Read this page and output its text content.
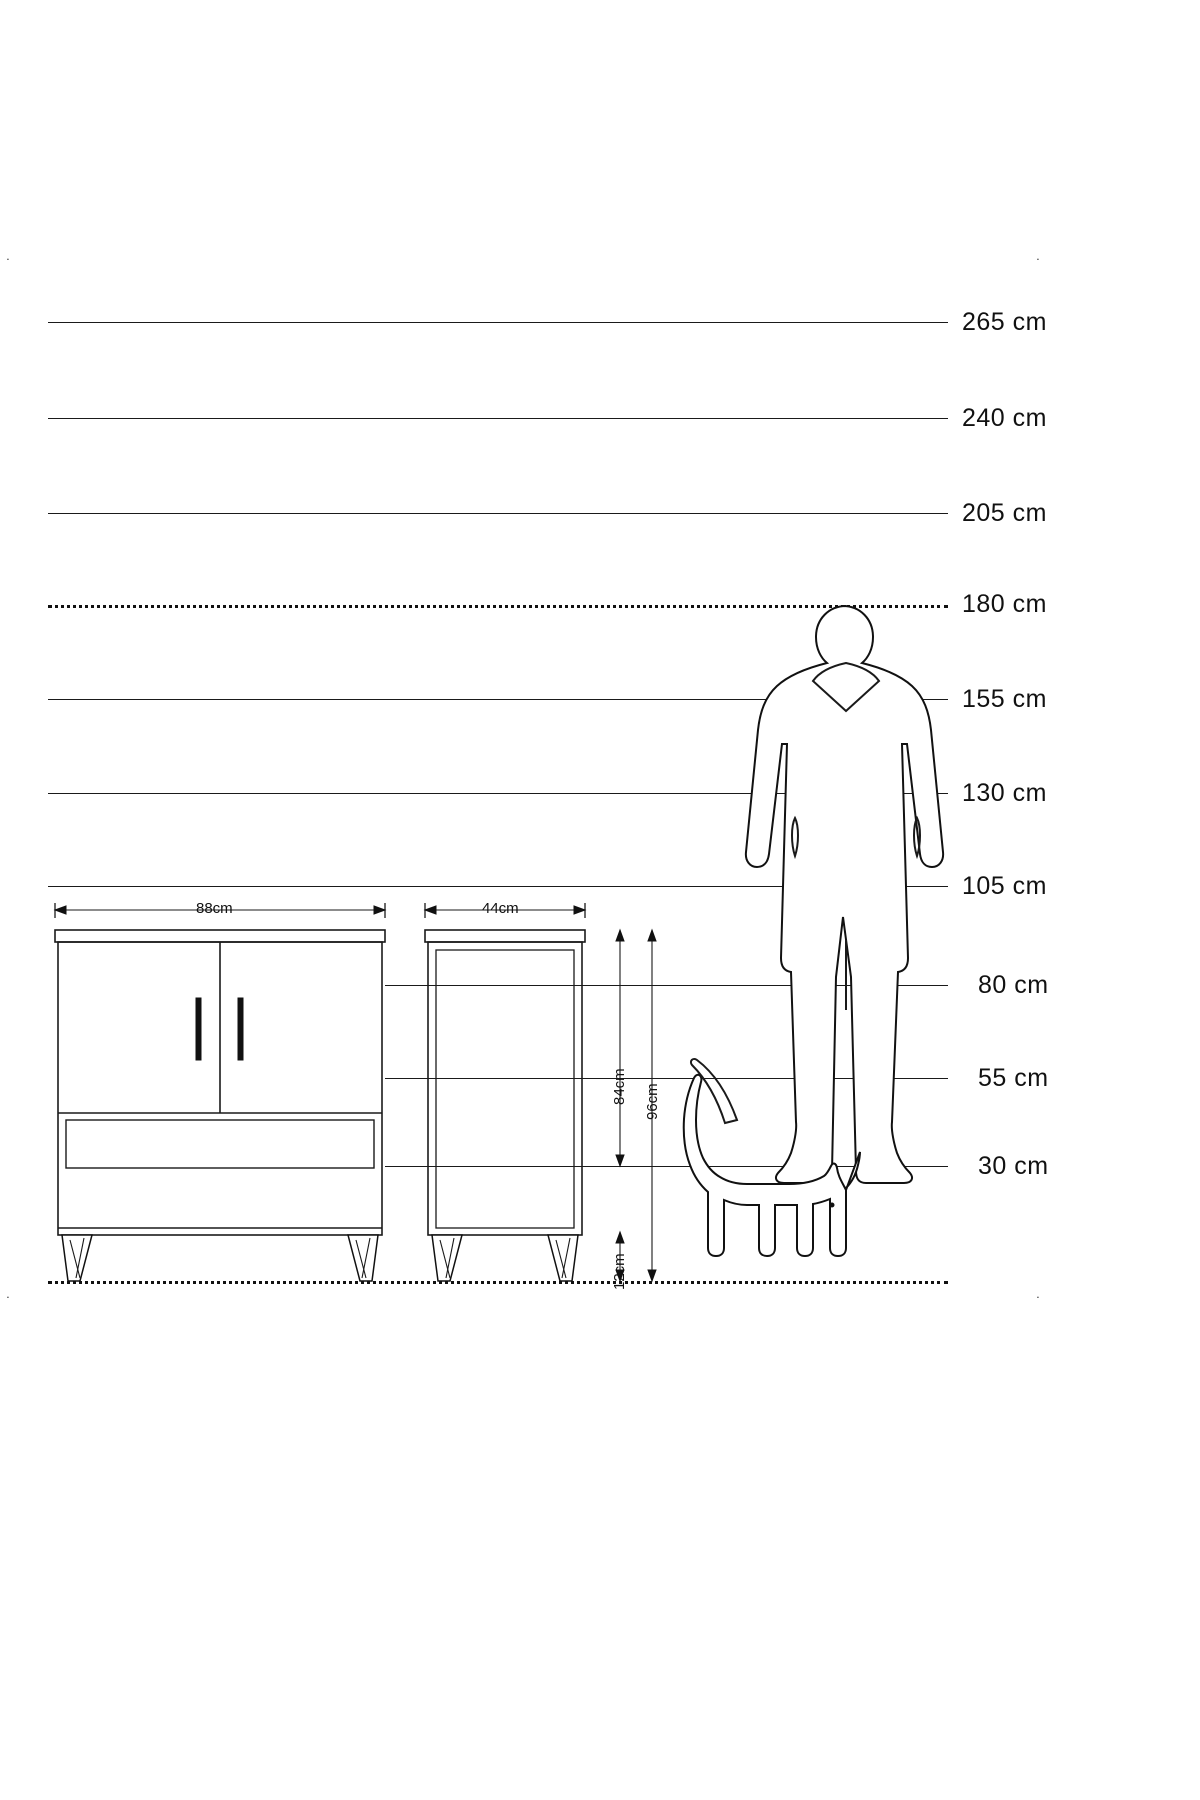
˙	˙
˙	˙
265 cm
240 cm
205 cm
180 cm
155 cm
130 cm
105 cm
80 cm
55 cm
30 cm
88cm	44cm
84cm 96cm
12cm
